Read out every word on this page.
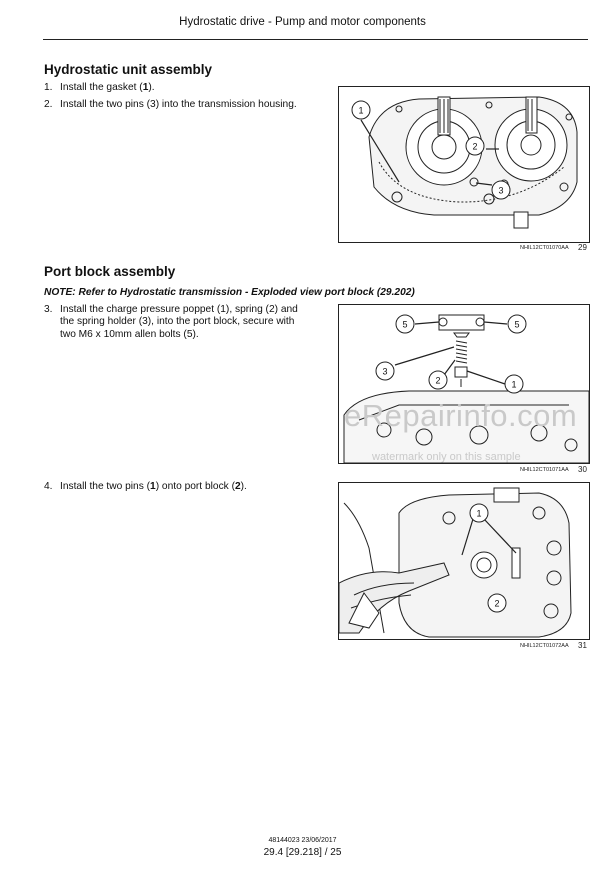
Hydrostatic drive - Pump and motor components
Hydrostatic unit assembly
1. Install the gasket (1).
2. Install the two pins (3) into the transmission housing.
1
2
3
NHIL12CT01070AA 29
Port block assembly
NOTE: Refer to Hydrostatic transmission - Exploded view port block (29.202)
3. Install the charge pressure poppet (1), spring (2) and
the spring holder (3), into the port block, secure with
two M6 x 10mm allen bolts (5).
5	5
3
2	1
NHIL12CT01071AA 30
4. Install the two pins (1) onto port block (2).
1
2
NHIL12CT01072AA 31
eRepairinfo.com
watermark only on this sample
48144023 23/06/2017
29.4 [29.218] / 25
